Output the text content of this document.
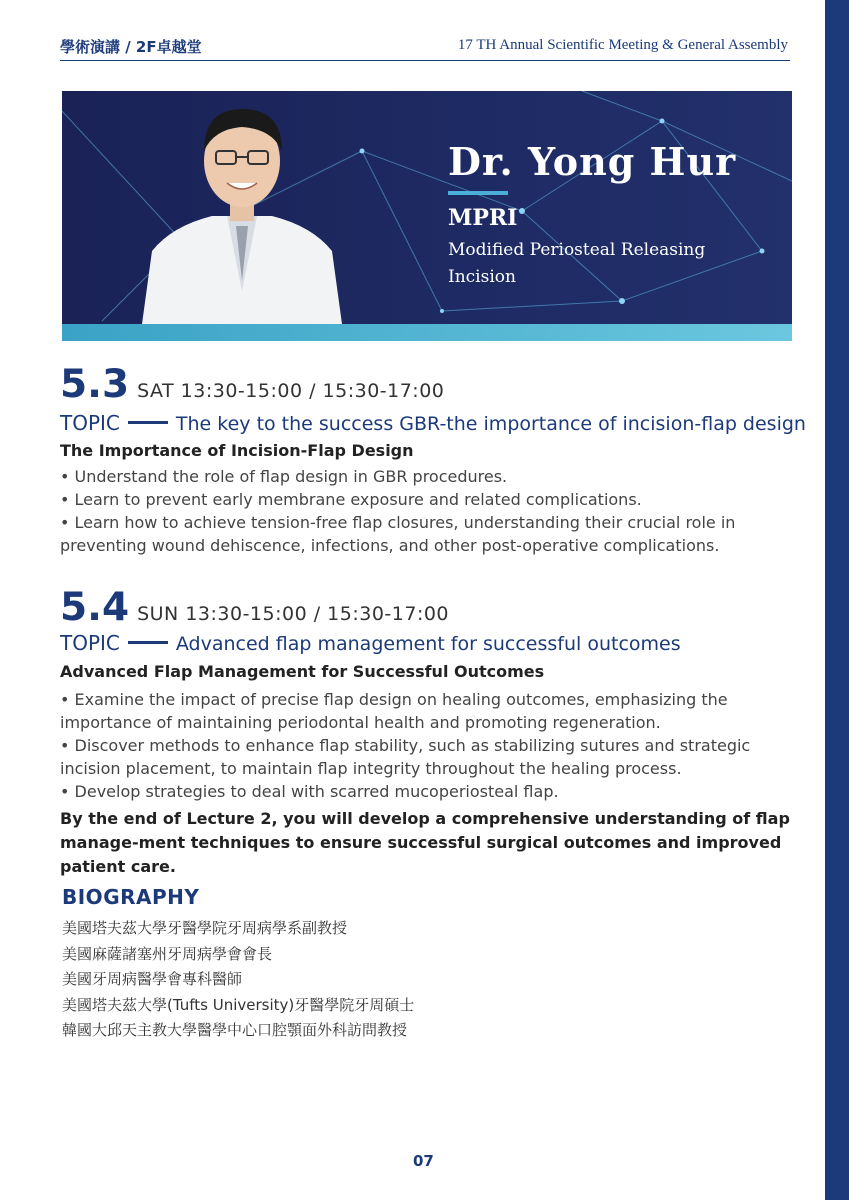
學術演講 / 2F卓越堂	17 TH Annual Scientific Meeting & General Assembly
Dr. Yong Hur
MPRI
Modified Periosteal Releasing Incision
5.3 SAT 13:30-15:00 / 15:30-17:00
TOPIC	The key to the success GBR-the importance of incision-flap design
The Importance of Incision-Flap Design

• Understand the role of flap design in GBR procedures.

• Learn to prevent early membrane exposure and related complications.

• Learn how to achieve tension-free flap closures, understanding their crucial role in preventing wound dehiscence, infections, and other post-operative complications.

5.4 SUN 13:30-15:00 / 15:30-17:00
TOPIC	Advanced flap management for successful outcomes
Advanced Flap Management for Successful Outcomes

• Examine the impact of precise flap design on healing outcomes, emphasizing the importance of maintaining periodontal health and promoting regeneration.

• Discover methods to enhance flap stability, such as stabilizing sutures and strategic incision placement, to maintain flap integrity throughout the healing process.

• Develop strategies to deal with scarred mucoperiosteal flap.

By the end of Lecture 2, you will develop a comprehensive understanding of flap manage-ment techniques to ensure successful surgical outcomes and improved patient care.
BIOGRAPHY
美國塔夫茲大學牙醫學院牙周病學系副教授
美國麻薩諸塞州牙周病學會會長
美國牙周病醫學會專科醫師
美國塔夫茲大學(Tufts University)牙醫學院牙周碩士
韓國大邱天主教大學醫學中心口腔顎面外科訪問教授
07
